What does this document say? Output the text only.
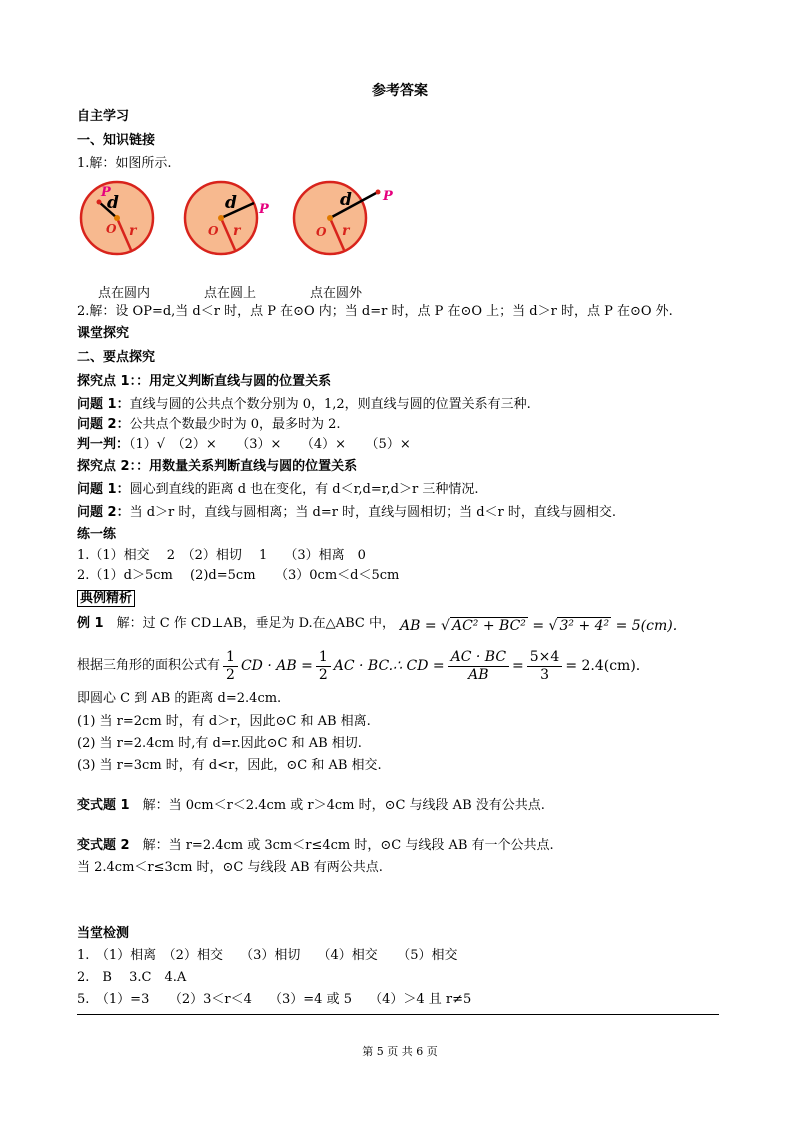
参考答案
自主学习
一、知识链接
1.解：如图所示.
P
d
O r
P
d
O r
P
d
O r
点在圆内	点在圆上	点在圆外
2.解：设 OP=d,当 d＜r 时，点 P 在⊙O 内；当 d=r 时，点 P 在⊙O 上；当 d＞r 时，点 P 在⊙O 外.
课堂探究
二、要点探究
探究点 1：：用定义判断直线与圆的位置关系
问题 1：直线与圆的公共点个数分别为 0，1,2，则直线与圆的位置关系有三种.
问题 2：公共点个数最少时为 0，最多时为 2.
判一判：（1）√　（2）×　　（3）×　　（4）×　　（5）×
探究点 2：：用数量关系判断直线与圆的位置关系
问题 1：圆心到直线的距离 d 也在变化，有 d＜r,d=r,d＞r 三种情况.
问题 2：当 d＞r 时，直线与圆相离；当 d=r 时，直线与圆相切；当 d＜r 时，直线与圆相交.
练一练
1.（1）相交　 2　（2）相切　 1　 （3）相离　0
2.（1）d＞5cm　 (2)d=5cm　　（3）0cm＜d＜5cm
典例精析
例 1　解：过 C 作 CD⊥AB，垂足为 D.在△ABC 中， AB = √ AC² + BC² = √ 3² + 4² = 5(cm).
根据三角形的面积公式有 $\frac{1}{2}$ CD · AB = $\frac{1}{2}$ AC · BC.∴ CD = $\frac{AC \cdot BC}{AB} = \frac{5\times 4}{3} = 2.4(cm)$.
即圆心 C 到 AB 的距离 d=2.4cm.
(1) 当 r=2cm 时，有 d＞r，因此⊙C 和 AB 相离.
(2) 当 r=2.4cm 时,有 d=r.因此⊙C 和 AB 相切.
(3) 当 r=3cm 时，有 d<r，因此，⊙C 和 AB 相交.
变式题 1　解：当 0cm＜r＜2.4cm 或 r＞4cm 时，⊙C 与线段 AB 没有公共点.
变式题 2　解：当 r=2.4cm 或 3cm＜r≤4cm 时，⊙C 与线段 AB 有一个公共点.
当 2.4cm＜r≤3cm 时，⊙C 与线段 AB 有两公共点.
当堂检测
1.　（1）相离　（2）相交　 （3）相切　 （4）相交　　（5）相交
2.　B　 3.C　4.A
5.　（1）=3　　（2）3＜r＜4　 （3）=4 或 5　 （4）＞4 且 r≠5
第 5 页 共 6 页
